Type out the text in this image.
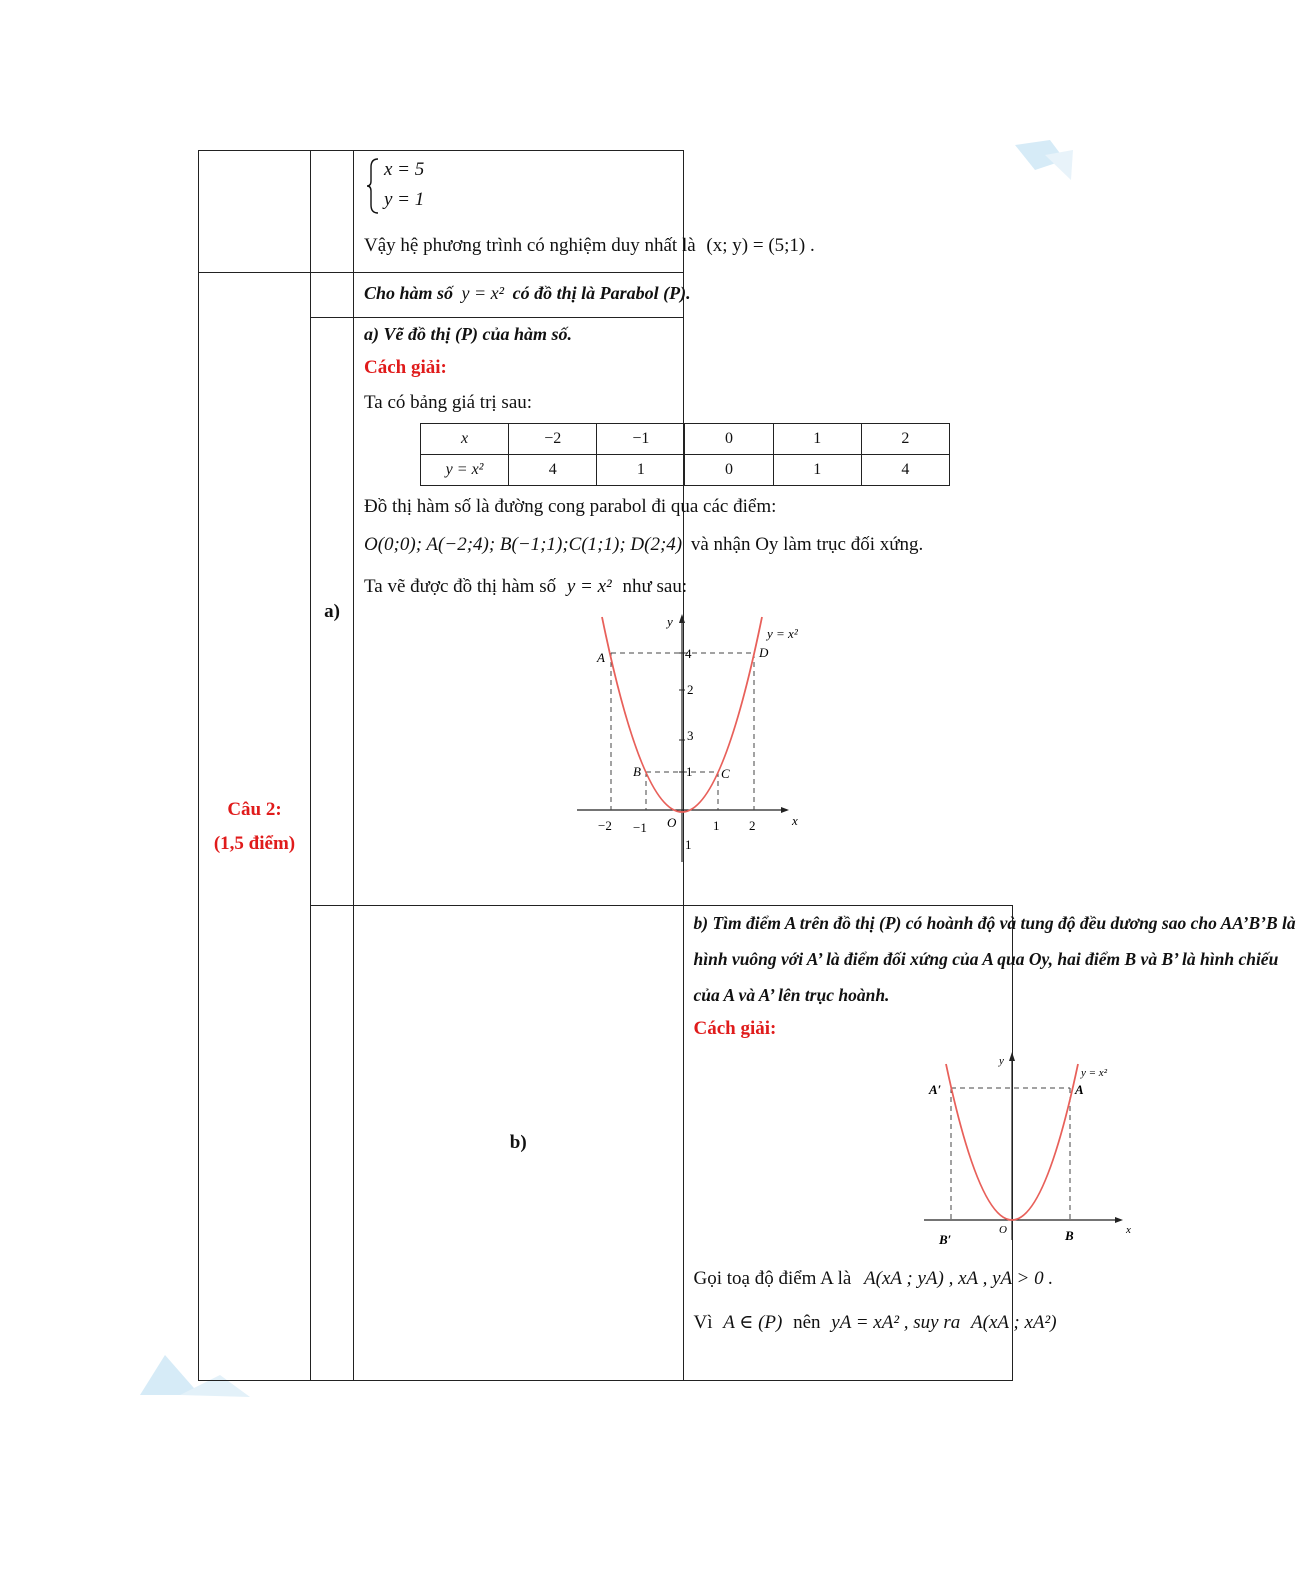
x = 5

y = 1

Vậy hệ phương trình có nghiệm duy nhất là (x; y) = (5;1) .

Câu 2:
(1,5 điểm)

Cho hàm số y = x² có đồ thị là Parabol (P).

a)	

a) Vẽ đồ thị (P) của hàm số.

Cách giải:

Ta có bảng giá trị sau:

x	−2	−1	0	1	2
y = x²	4	1	0	1	4

Đồ thị hàm số là đường cong parabol đi qua các điểm:

O(0;0); A(−2;4); B(−1;1);C(1;1); D(2;4) và nhận Oy làm trục đối xứng.

Ta vẽ được đồ thị hàm số y = x² như sau:

y
x
y = x²
O
A
B	C
D
−2 −1	1 2
3
2
4
1
1

	b)	

b) Tìm điểm A trên đồ thị (P) có hoành độ và tung độ đều dương sao cho AA’B’B là

hình vuông với A’ là điểm đối xứng của A qua Oy, hai điểm B và B’ là hình chiếu

của A và A’ lên trục hoành.

Cách giải:

y
x
y = x²
O
A′	A
B′	B

Gọi toạ độ điểm A là A(xA ; yA) , xA , yA > 0 .

Vì A ∈ (P) nên yA = xA² , suy ra A(xA ; xA²)
